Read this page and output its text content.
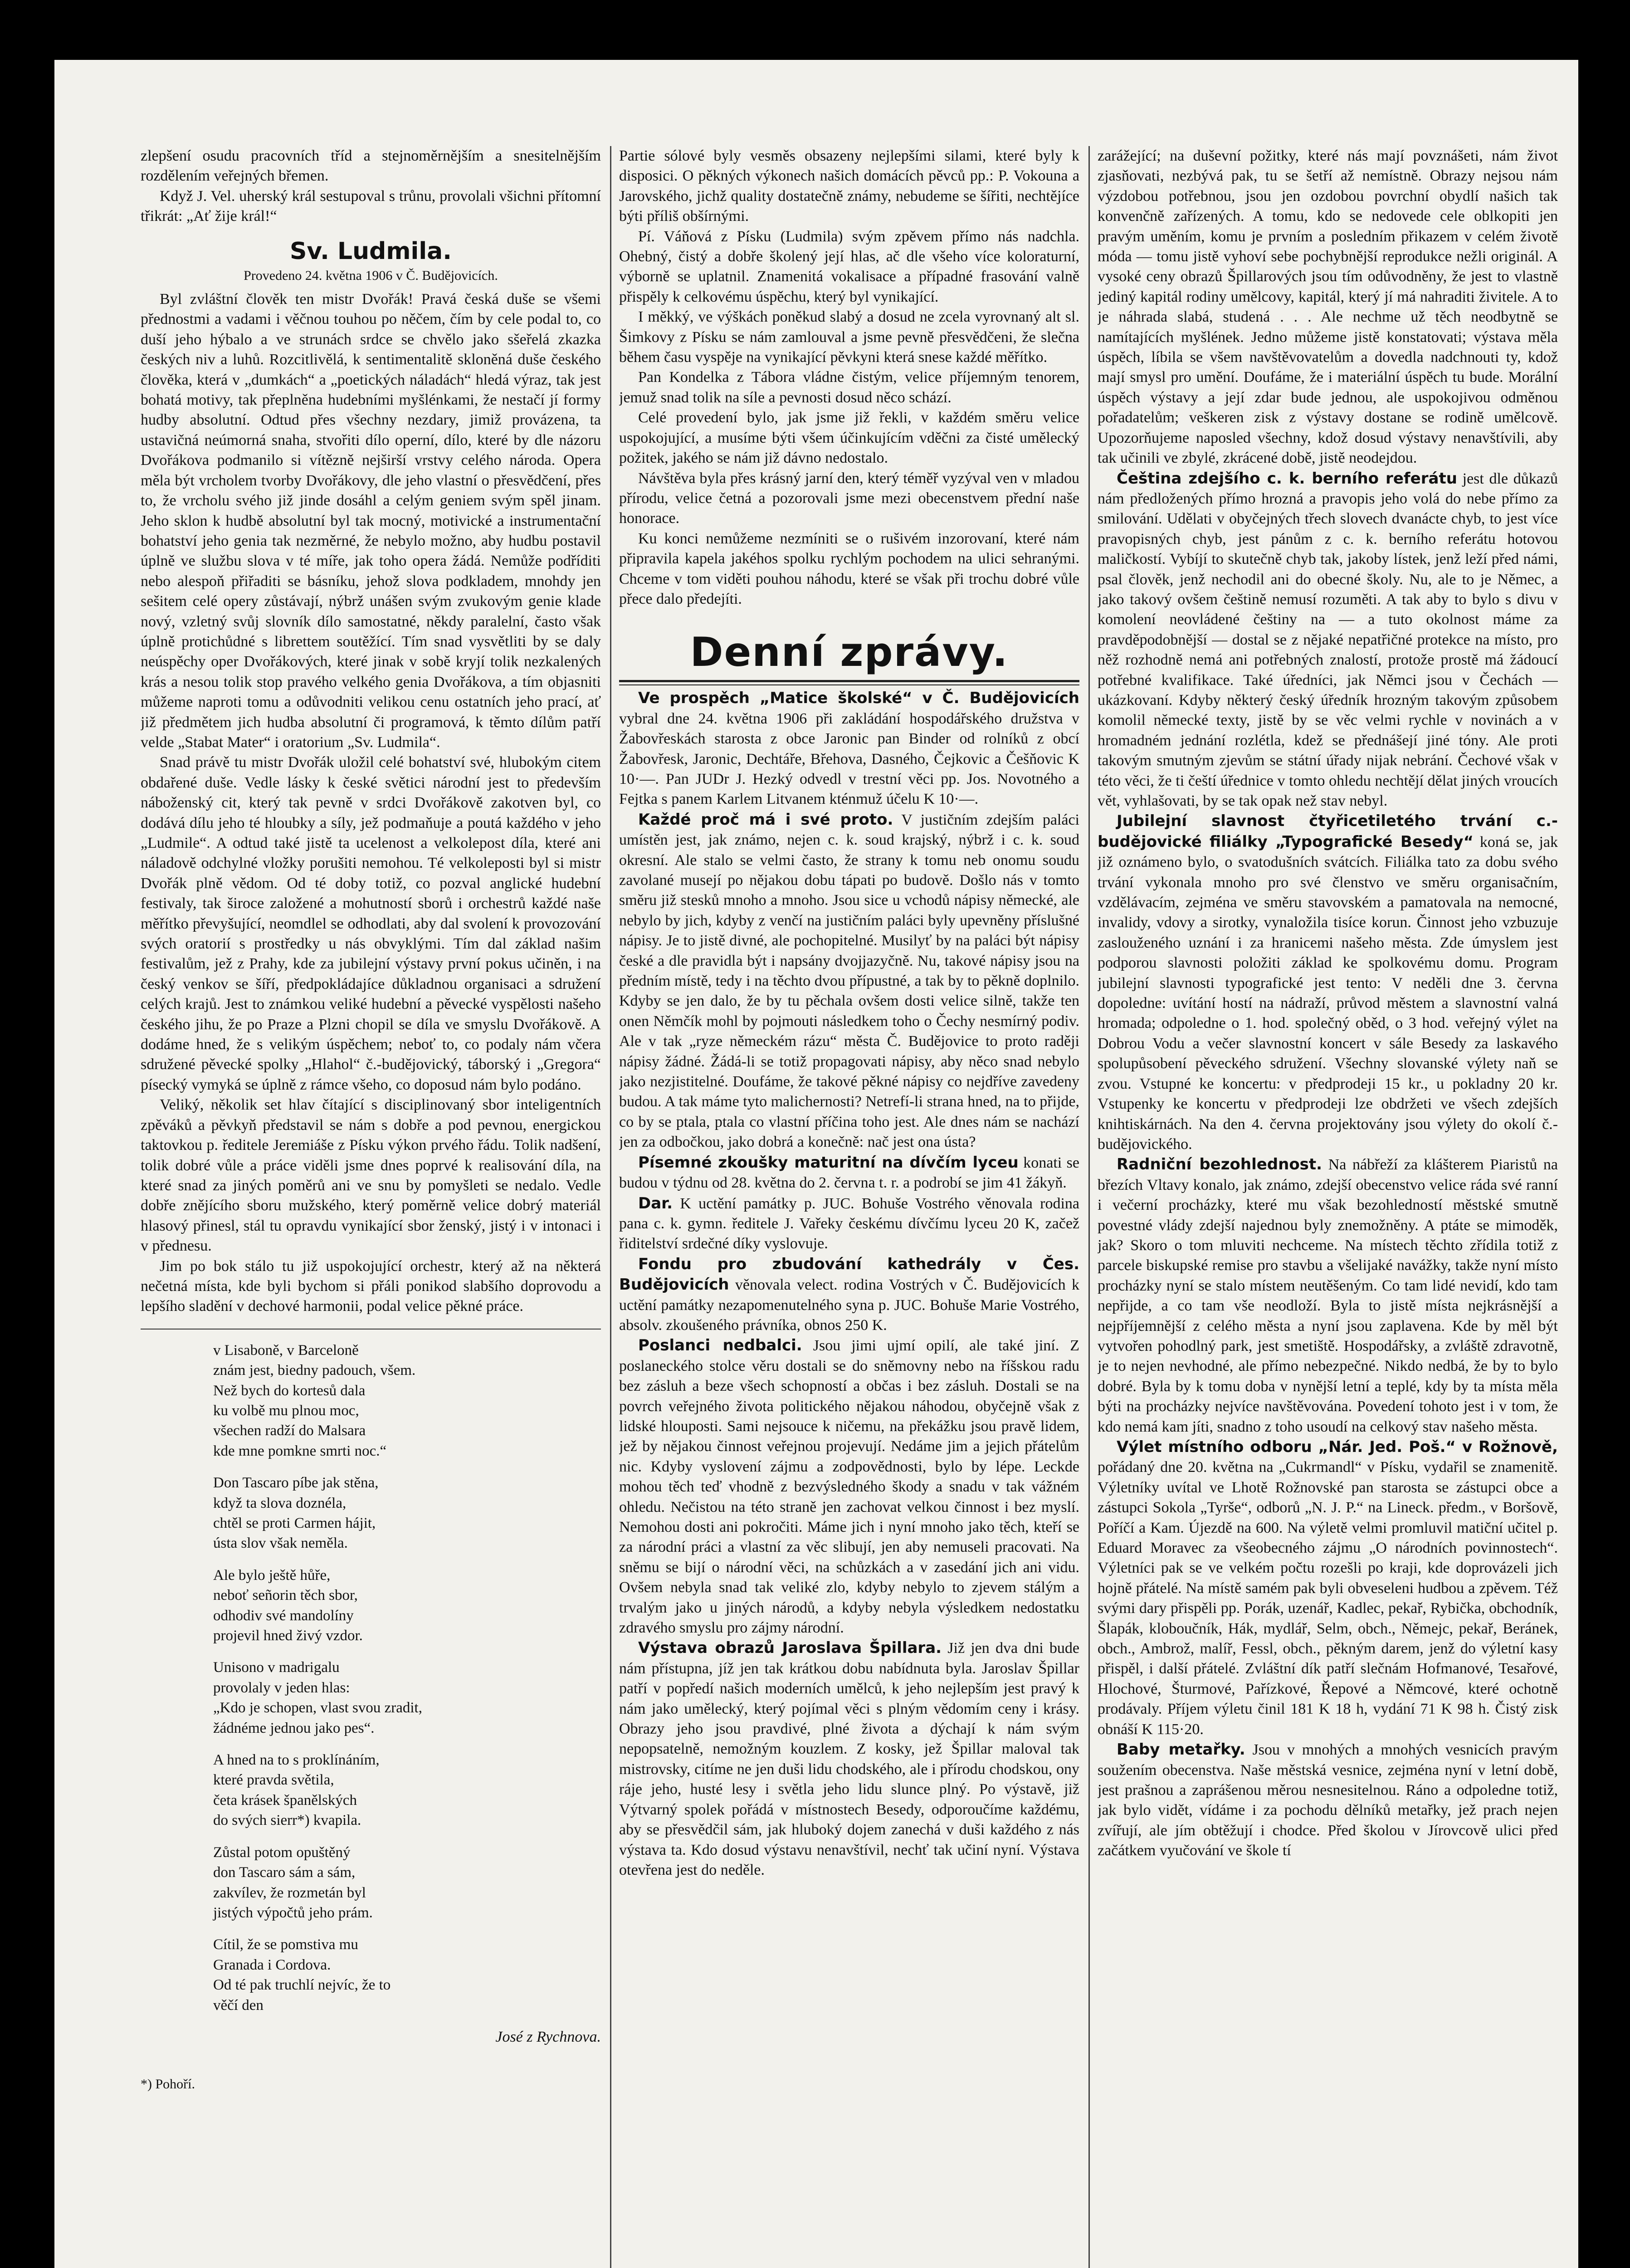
zlepšení osudu pracovních tříd a stejnoměrnějším a snesitelnějším rozdělením veřejných břemen.

Když J. Vel. uherský král sestupoval s trůnu, provolali všichni přítomní třikrát: „Ať žije král!“

Sv. Ludmila.
Provedeno 24. května 1906 v Č. Budějovicích.

Byl zvláštní člověk ten mistr Dvořák! Pravá česká duše se všemi přednostmi a vadami i věčnou touhou po něčem, čím by cele podal to, co duší jeho hýbalo a ve strunách srdce se chvělo jako sšeřelá zkazka českých niv a luhů. Rozcitlivělá, k sentimentalitě skloněná duše českého člověka, která v „dumkách“ a „poetických náladách“ hledá výraz, tak jest bohatá motivy, tak přeplněna hudebními myšlénkami, že nestačí jí formy hudby absolutní. Odtud přes všechny nezdary, jimiž provázena, ta ustavičná neúmorná snaha, stvořiti dílo operní, dílo, které by dle názoru Dvořákova podmanilo si vítězně nejširší vrstvy celého národa. Opera měla být vrcholem tvorby Dvořákovy, dle jeho vlastní o přesvědčení, přes to, že vrcholu svého již jinde dosáhl a celým geniem svým spěl jinam. Jeho sklon k hudbě absolutní byl tak mocný, motivické a instrumentační bohatství jeho genia tak nezměrné, že nebylo možno, aby hudbu postavil úplně ve službu slova v té míře, jak toho opera žádá. Nemůže podříditi nebo alespoň přiřaditi se básníku, jehož slova podkladem, mnohdy jen sešitem celé opery zůstávají, nýbrž unášen svým zvukovým genie klade nový, vzletný svůj slovník dílo samostatné, někdy paralelní, často však úplně protichůdné s librettem soutěžící. Tím snad vysvětliti by se daly neúspěchy oper Dvořákových, které jinak v sobě kryjí tolik nezkalených krás a nesou tolik stop pravého velkého genia Dvořákova, a tím objasniti můžeme naproti tomu a odůvodniti velikou cenu ostatních jeho prací, ať již předmětem jich hudba absolutní či programová, k těmto dílům patří velde „Stabat Mater“ i oratorium „Sv. Ludmila“.

Snad právě tu mistr Dvořák uložil celé bohatství své, hlubokým citem obdařené duše. Vedle lásky k české světici národní jest to především náboženský cit, který tak pevně v srdci Dvořákově zakotven byl, co dodává dílu jeho té hloubky a síly, jež podmaňuje a poutá každého v jeho „Ludmile“. A odtud také jistě ta ucelenost a velkolepost díla, které ani náladově odchylné vložky porušiti nemohou. Té velkoleposti byl si mistr Dvořák plně vědom. Od té doby totiž, co pozval anglické hudební festivaly, tak široce založené a mohutností sborů i orchestrů každé naše měřítko převyšující, neomdlel se odhodlati, aby dal svolení k provozování svých oratorií s prostředky u nás obvyklými. Tím dal základ našim festivalům, jež z Prahy, kde za jubilejní výstavy první pokus učiněn, i na český venkov se šíří, předpokládajíce důkladnou organisaci a sdružení celých krajů. Jest to známkou veliké hudební a pěvecké vyspělosti našeho českého jihu, že po Praze a Plzni chopil se díla ve smyslu Dvořákově. A dodáme hned, že s velikým úspěchem; neboť to, co podaly nám včera sdružené pěvecké spolky „Hlahol“ č.-budějovický, táborský i „Gregora“ písecký vymyká se úplně z rámce všeho, co doposud nám bylo podáno.

Veliký, několik set hlav čítající s disciplinovaný sbor inteligentních zpěváků a pěvkyň představil se nám s dobře a pod pevnou, energickou taktovkou p. ředitele Jeremiáše z Písku výkon prvého řádu. Tolik nadšení, tolik dobré vůle a práce viděli jsme dnes poprvé k realisování díla, na které snad za jiných poměrů ani ve snu by pomyšleti se nedalo. Vedle dobře znějícího sboru mužského, který poměrně velice dobrý materiál hlasový přinesl, stál tu opravdu vynikající sbor ženský, jistý i v intonaci i v přednesu.

Jim po bok stálo tu již uspokojující orchestr, který až na některá nečetná místa, kde byli bychom si přáli ponikod slabšího doprovodu a lepšího sladění v dechové harmonii, podal velice pěkné práce.

v Lisaboně, v Barceloně

znám jest, biedny padouch, všem.

Než bych do kortesů dala

ku volbě mu plnou moc,

všechen radží do Malsara

kde mne pomkne smrti noc.“

Don Tascaro píbe jak stěna,

když ta slova doznéla,

chtěl se proti Carmen hájit,

ústa slov však neměla.

Ale bylo ještě hůře,

neboť señorin těch sbor,

odhodiv své mandolíny

projevil hned živý vzdor.

Unisono v madrigalu

provolaly v jeden hlas:

„Kdo je schopen, vlast svou zradit,

žádnéme jednou jako pes“.

A hned na to s proklínáním,

které pravda světila,

četa krásek španělských

do svých sierr*) kvapila.

Zůstal potom opuštěný

don Tascaro sám a sám,

zakvílev, že rozmetán byl

jistých výpočtů jeho prám.

Cítil, že se pomstiva mu

Granada i Cordova.

Od té pak truchlí nejvíc, že to

věčí den

José z Rychnova.
*) Pohoří.

Partie sólové byly vesměs obsazeny nejlepšími silami, které byly k disposici. O pěkných výkonech našich domácích pěvců pp.: P. Vokouna a Jarovského, jichž quality dostatečně známy, nebudeme se šířiti, nechtějíce býti příliš obšírnými.

Pí. Váňová z Písku (Ludmila) svým zpěvem přímo nás nadchla. Ohebný, čistý a dobře školený její hlas, ač dle všeho více koloraturní, výborně se uplatnil. Znamenitá vokalisace a případné frasování valně přispěly k celkovému úspěchu, který byl vynikající.

I měkký, ve výškách poněkud slabý a dosud ne zcela vyrovnaný alt sl. Šimkovy z Písku se nám zamlouval a jsme pevně přesvědčeni, že slečna během času vyspěje na vynikající pěvkyni která snese každé měřítko.

Pan Kondelka z Tábora vládne čistým, velice příjemným tenorem, jemuž snad tolik na síle a pevnosti dosud něco schází.

Celé provedení bylo, jak jsme již řekli, v každém směru velice uspokojující, a musíme býti všem účinkujícím vděčni za čisté umělecký požitek, jakého se nám již dávno nedostalo.

Návštěva byla přes krásný jarní den, který téměř vyzýval ven v mladou přírodu, velice četná a pozorovali jsme mezi obecenstvem přední naše honorace.

Ku konci nemůžeme nezmíniti se o rušivém inzorovaní, které nám připravila kapela jakéhos spolku rychlým pochodem na ulici sehranými. Chceme v tom viděti pouhou náhodu, které se však při trochu dobré vůle přece dalo předejíti.

Denní zprávy.

Ve prospěch „Matice školské“ v Č. Budějovicích vybral dne 24. května 1906 při zakládání hospodářského družstva v Žabovřeskách starosta z obce Jaronic pan Binder od rolníků z obcí Žabovřesk, Jaronic, Dechtáře, Břehova, Dasného, Čejkovic a Češňovic K 10·—. Pan JUDr J. Hezký odvedl v trestní věci pp. Jos. Novotného a Fejtka s panem Karlem Litvanem kténmuž účelu K 10·—.

Každé proč má i své proto. V justičním zdejším paláci umístěn jest, jak známo, nejen c. k. soud krajský, nýbrž i c. k. soud okresní. Ale stalo se velmi často, že strany k tomu neb onomu soudu zavolané musejí po nějakou dobu tápati po budově. Došlo nás v tomto směru již stesků mnoho a mnoho. Jsou sice u vchodů nápisy německé, ale nebylo by jich, kdyby z venčí na justičním paláci byly upevněny příslušné nápisy. Je to jistě divné, ale pochopitelné. Musilyť by na paláci být nápisy české a dle pravidla být i napsány dvojjazyčně. Nu, takové nápisy jsou na předním místě, tedy i na těchto dvou přípustné, a tak by to pěkně doplnilo. Kdyby se jen dalo, že by tu pěchala ovšem dosti velice silně, takže ten onen Němčík mohl by pojmouti následkem toho o Čechy nesmírný podiv. Ale v tak „ryze německém rázu“ města Č. Budějovice to proto raději nápisy žádné. Žádá-li se totiž propagovati nápisy, aby něco snad nebylo jako nezjistitelné. Doufáme, že takové pěkné nápisy co nejdříve zavedeny budou. A tak máme tyto malichernosti? Netrefí-li strana hned, na to přijde, co by se ptala, ptala co vlastní příčina toho jest. Ale dnes nám se nachází jen za odbočkou, jako dobrá a konečně: nač jest ona ústa?

Písemné zkoušky maturitní na dívčím lyceu konati se budou v týdnu od 28. května do 2. června t. r. a podrobí se jim 41 žákyň.

Dar. K uctění památky p. JUC. Bohuše Vostrého věnovala rodina pana c. k. gymn. ředitele J. Vařeky českému dívčímu lyceu 20 K, začež řiditelství srdečné díky vyslovuje.

Fondu pro zbudování kathedrály v Čes. Budějovicích věnovala velect. rodina Vostrých v Č. Budějovicích k uctění památky nezapomenutelného syna p. JUC. Bohuše Marie Vostrého, absolv. zkoušeného právníka, obnos 250 K.

Poslanci nedbalci. Jsou jimi ujmí opilí, ale také jiní. Z poslaneckého stolce věru dostali se do sněmovny nebo na říšskou radu bez zásluh a beze všech schopností a občas i bez zásluh. Dostali se na povrch veřejného života politického nějakou náhodou, obyčejně však z lidské hlouposti. Sami nejsouce k ničemu, na překážku jsou pravě lidem, jež by nějakou činnost veřejnou projevují. Nedáme jim a jejich přátelům nic. Kdyby vyslovení zájmu a zodpovědnosti, bylo by lépe. Leckde mohou těch teď vhodně z bezvýsledného škody a snadu v tak vážném ohledu. Nečistou na této straně jen zachovat velkou činnost i bez myslí. Nemohou dosti ani pokročiti. Máme jich i nyní mnoho jako těch, kteří se za národní práci a vlastní za věc slibují, jen aby nemuseli pracovati. Na sněmu se bijí o národní věci, na schůzkách a v zasedání jich ani vidu. Ovšem nebyla snad tak veliké zlo, kdyby nebylo to zjevem stálým a trvalým jako u jiných národů, a kdyby nebyla výsledkem nedostatku zdravého smyslu pro zájmy národní.

Výstava obrazů Jaroslava Špillara. Již jen dva dni bude nám přístupna, jíž jen tak krátkou dobu nabídnuta byla. Jaroslav Špillar patří v popředí našich moderních umělců, k jeho nejlepším jest pravý k nám jako umělecký, který pojímal věci s plným vědomím ceny i krásy. Obrazy jeho jsou pravdivé, plné života a dýchají k nám svým nepopsatelně, nemožným kouzlem. Z kosky, jež Špillar maloval tak mistrovsky, citíme ne jen duši lidu chodského, ale i přírodu chodskou, ony ráje jeho, husté lesy i světla jeho lidu slunce plný. Po výstavě, již Výtvarný spolek pořádá v místnostech Besedy, odporoučíme každému, aby se přesvědčil sám, jak hluboký dojem zanechá v duši každého z nás výstava ta. Kdo dosud výstavu nenavštívil, nechť tak učiní nyní. Výstava otevřena jest do neděle.

zarážející; na duševní požitky, které nás mají povznášeti, nám život zjasňovati, nezbývá pak, tu se šetří až nemístně. Obrazy nejsou nám výzdobou potřebnou, jsou jen ozdobou povrchní obydlí našich tak konvenčně zařízených. A tomu, kdo se nedovede cele oblkopiti jen pravým uměním, komu je prvním a posledním přikazem v celém životě móda — tomu jistě vyhoví sebe pochybnější reprodukce nežli originál. A vysoké ceny obrazů Špillarových jsou tím odůvodněny, že jest to vlastně jediný kapitál rodiny umělcovy, kapitál, který jí má nahraditi živitele. A to je náhrada slabá, studená . . . Ale nechme už těch neodbytně se namítajících myšlének. Jedno můžeme jistě konstatovati; výstava měla úspěch, líbila se všem navštěvovatelům a dovedla nadchnouti ty, kdož mají smysl pro umění. Doufáme, že i materiální úspěch tu bude. Morální úspěch výstavy a její zdar bude jednou, ale uspokojivou odměnou pořadatelům; veškeren zisk z výstavy dostane se rodině umělcově. Upozorňujeme naposled všechny, kdož dosud výstavy nenavštívili, aby tak učinili ve zbylé, zkrácené době, jistě neodejdou.

Čeština zdejšího c. k. berního referátu jest dle důkazů nám předložených přímo hrozná a pravopis jeho volá do nebe přímo za smilování. Udělati v obyčejných třech slovech dvanácte chyb, to jest více pravopisných chyb, jest pánům z c. k. berního referátu hotovou maličkostí. Vybíjí to skutečně chyb tak, jakoby lístek, jenž leží před námi, psal člověk, jenž nechodil ani do obecné školy. Nu, ale to je Němec, a jako takový ovšem češtině nemusí rozuměti. A tak aby to bylo s divu v komolení neovládené češtiny na — a tuto okolnost máme za pravděpodobnější — dostal se z nějaké nepatřičné protekce na místo, pro něž rozhodně nemá ani potřebných znalostí, protože prostě má žádoucí potřebné kvalifikace. Také úředníci, jak Němci jsou v Čechách — ukázkovaní. Kdyby některý český úředník hrozným takovým způsobem komolil německé texty, jistě by se věc velmi rychle v novinách a v hromadném jednání rozlétla, kdež se přednášejí jiné tóny. Ale proti takovým smutným zjevům se státní úřady nijak nebrání. Čechové však v této věci, že ti čeští úřednice v tomto ohledu nechtějí dělat jiných vroucích vět, vyhlašovati, by se tak opak než stav nebyl.

Jubilejní slavnost čtyřicetiletého trvání c.-budějovické filiálky „Typografické Besedy“ koná se, jak již oznámeno bylo, o svatodušních svátcích. Filiálka tato za dobu svého trvání vykonala mnoho pro své členstvo ve směru organisačním, vzdělávacím, zejména ve směru stavovském a pamatovala na nemocné, invalidy, vdovy a sirotky, vynaložila tisíce korun. Činnost jeho vzbuzuje zaslouženého uznání i za hranicemi našeho města. Zde úmyslem jest podporou slavnosti položiti základ ke spolkovému domu. Program jubilejní slavnosti typografické jest tento: V neděli dne 3. června dopoledne: uvítání hostí na nádraží, průvod městem a slavnostní valná hromada; odpoledne o 1. hod. společný oběd, o 3 hod. veřejný výlet na Dobrou Vodu a večer slavnostní koncert v sále Besedy za laskavého spolupůsobení pěveckého sdružení. Všechny slovanské výlety naň se zvou. Vstupné ke koncertu: v předprodeji 15 kr., u pokladny 20 kr. Vstupenky ke koncertu v předprodeji lze obdržeti ve všech zdejších knihtiskárnách. Na den 4. června projektovány jsou výlety do okolí č.-budějovického.

Radniční bezohlednost. Na nábřeží za klášterem Piaristů na březích Vltavy konalo, jak známo, zdejší obecenstvo velice ráda své ranní i večerní procházky, které mu však bezohledností městské smutně povestné vlády zdejší najednou byly znemožněny. A ptáte se mimoděk, jak? Skoro o tom mluviti nechceme. Na místech těchto zřídila totiž z parcele biskupské remise pro stavbu a všelijaké navážky, takže nyní místo procházky nyní se stalo místem neutěšeným. Co tam lidé nevidí, kdo tam nepřijde, a co tam vše neodloží. Byla to jistě místa nejkrásnější a nejpříjemnější z celého města a nyní jsou zaplavena. Kde by měl být vytvořen pohodlný park, jest smetiště. Hospodářsky, a zvláště zdravotně, je to nejen nevhodné, ale přímo nebezpečné. Nikdo nedbá, že by to bylo dobré. Byla by k tomu doba v nynější letní a teplé, kdy by ta místa měla býti na procházky nejvíce navštěvována. Povedení tohoto jest i v tom, že kdo nemá kam jíti, snadno z toho usoudí na celkový stav našeho města.

Výlet místního odboru „Nár. Jed. Poš.“ v Rožnově, pořádaný dne 20. května na „Cukrmandl“ v Písku, vydařil se znamenitě. Výletníky uvítal ve Lhotě Rožnovské pan starosta se zástupci obce a zástupci Sokola „Tyrše“, odborů „N. J. P.“ na Lineck. předm., v Boršově, Poříčí a Kam. Újezdě na 600. Na výletě velmi promluvil matiční učitel p. Eduard Moravec za všeobecného zájmu „O národních povinnostech“. Výletníci pak se ve velkém počtu rozešli po kraji, kde doprovázeli jich hojně přátelé. Na místě samém pak byli obveseleni hudbou a zpěvem. Též svými dary přispěli pp. Porák, uzenář, Kadlec, pekař, Rybička, obchodník, Šlapák, kloboučník, Hák, mydlář, Selm, obch., Němejc, pekař, Beránek, obch., Ambrož, malíř, Fessl, obch., pěkným darem, jenž do výletní kasy přispěl, i další přátelé. Zvláštní dík patří slečnám Hofmanové, Tesařové, Hlochové, Šturmové, Pařízkové, Řepové a Němcové, které ochotně prodávaly. Příjem výletu činil 181 K 18 h, vydání 71 K 98 h. Čistý zisk obnáší K 115·20.

Baby metařky. Jsou v mnohých a mnohých vesnicích pravým soužením obecenstva. Naše městská vesnice, zejména nyní v letní době, jest prašnou a zaprášenou měrou nesnesitelnou. Ráno a odpoledne totiž, jak bylo vidět, vídáme i za pochodu dělníků metařky, jež prach nejen zvířují, ale jím obtěžují i chodce. Před školou v Jírovcově ulici před začátkem vyučování ve škole tí
